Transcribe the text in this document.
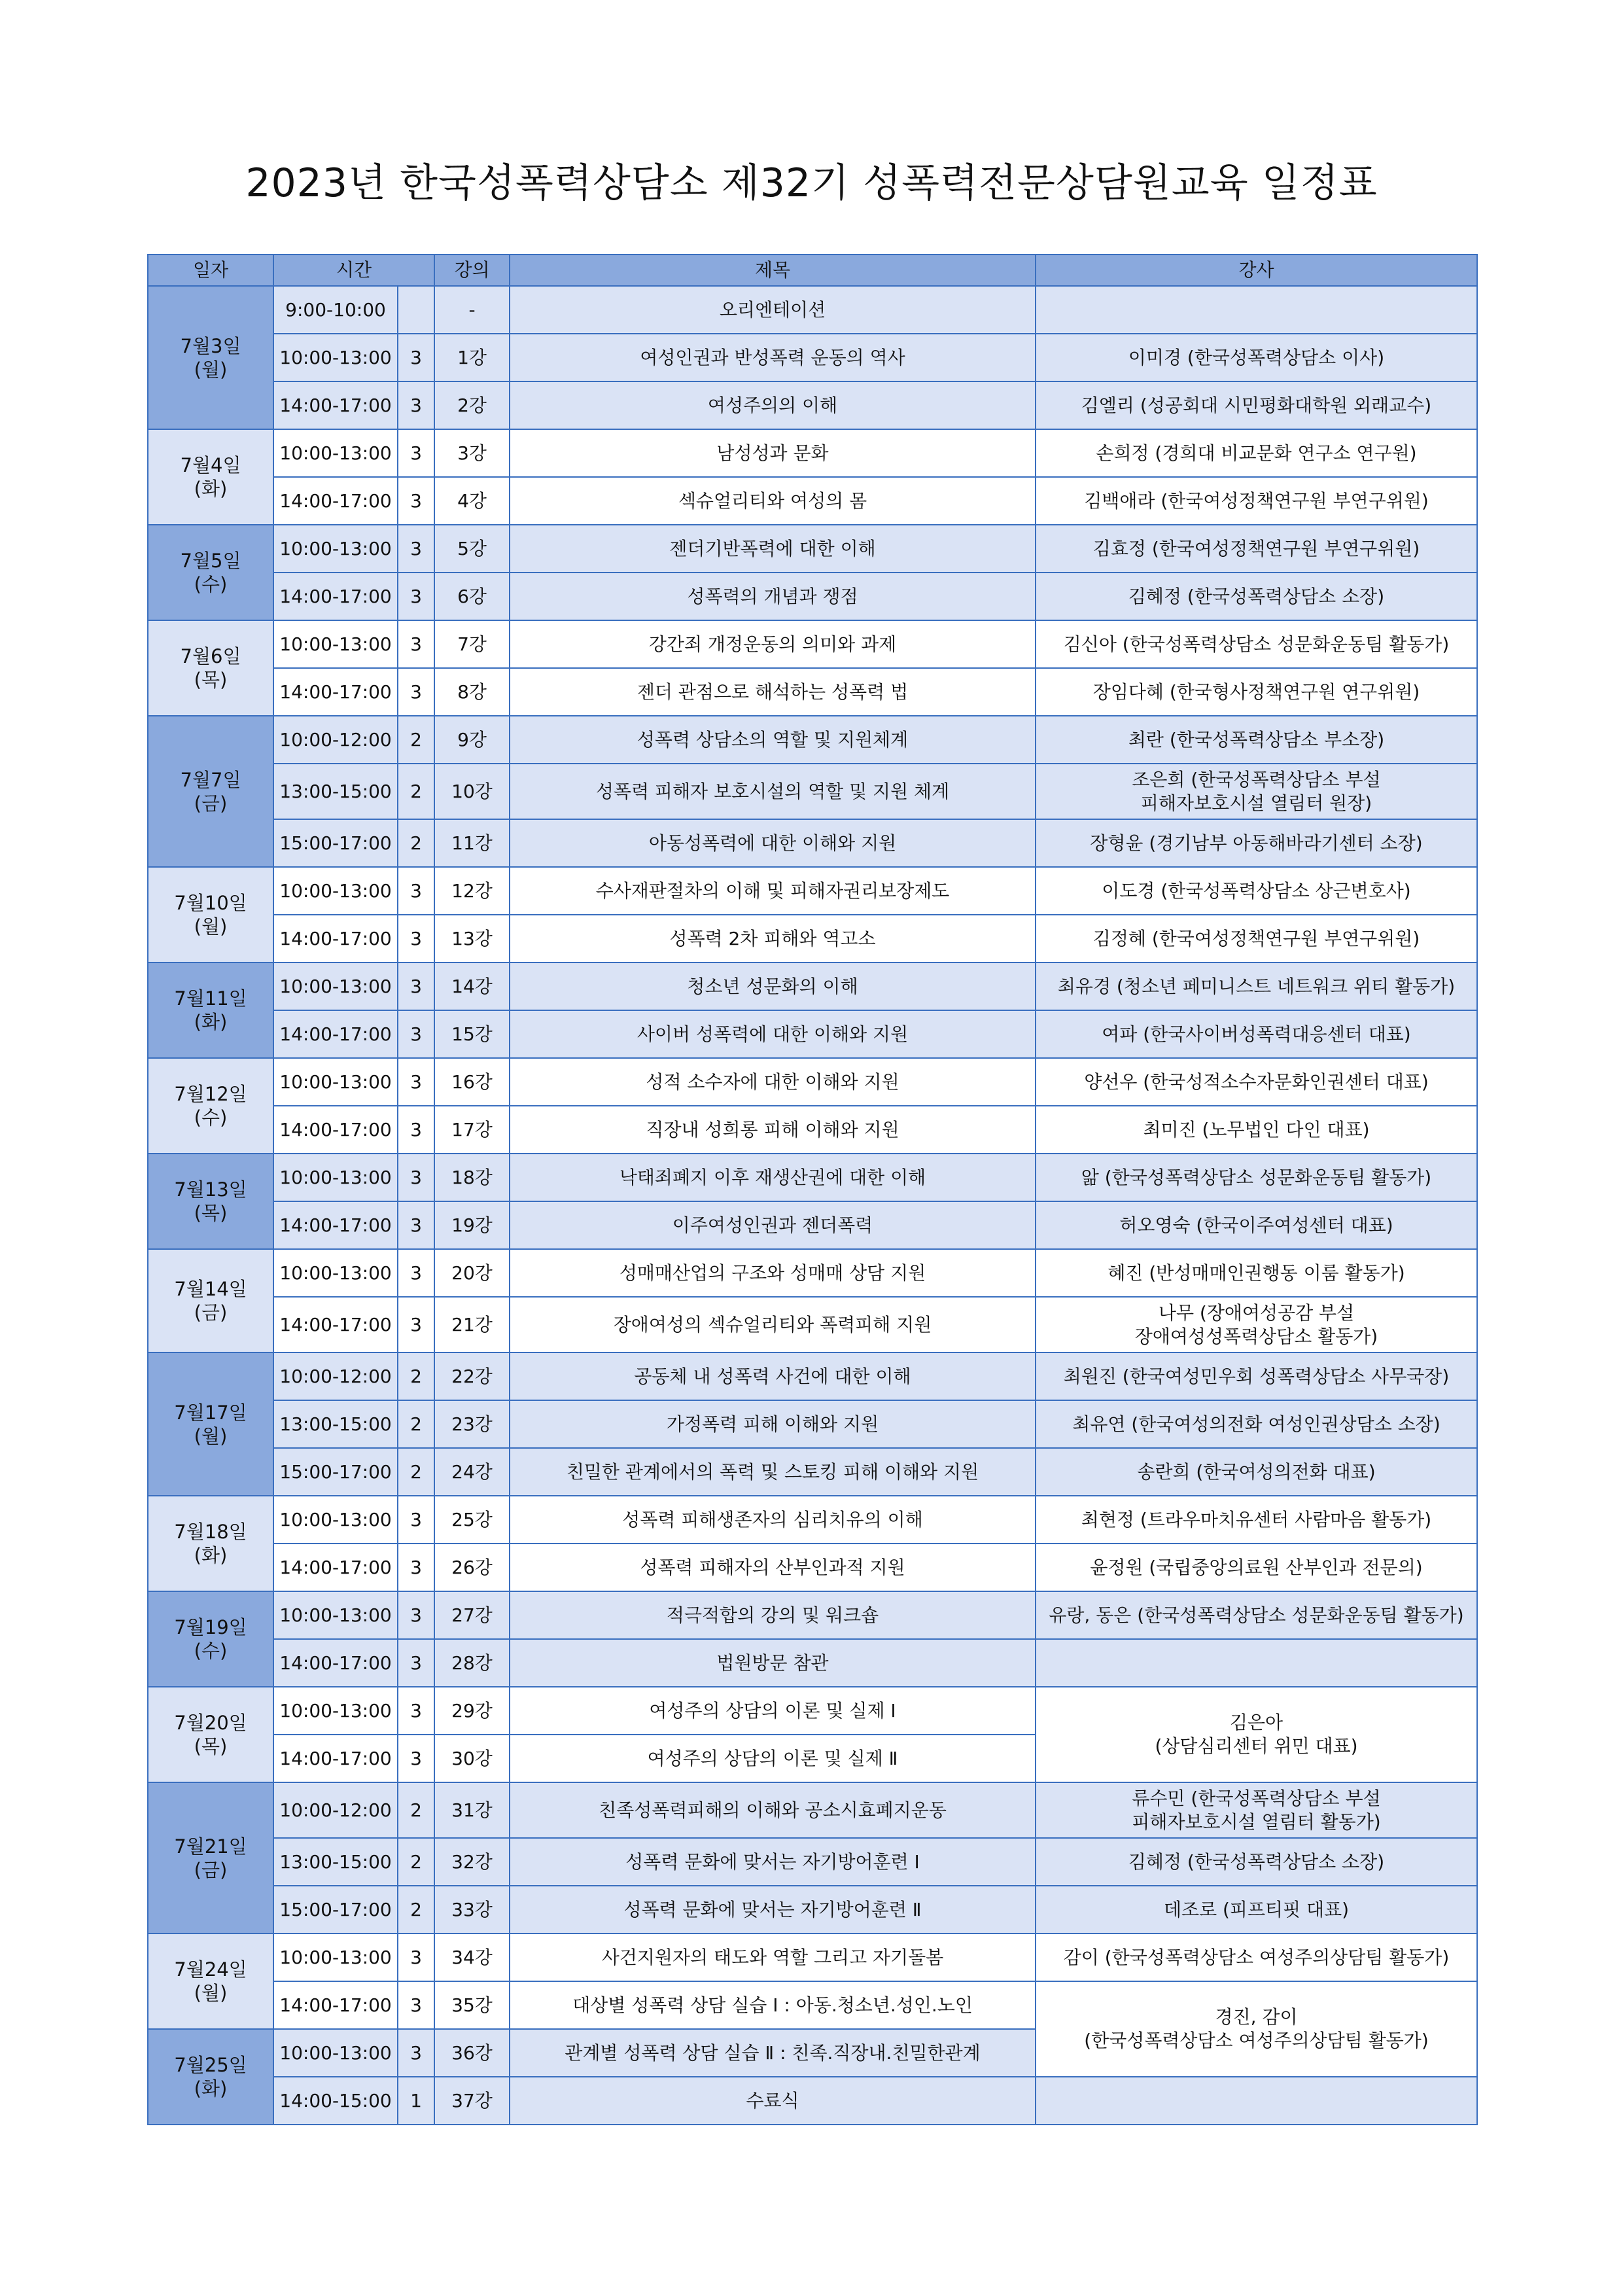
2023년 한국성폭력상담소 제32기 성폭력전문상담원교육 일정표
일자	시간		강의	제목	강사
7월3일
(월)	9:00-10:00		-	오리엔테이션	
	10:00-13:00	3	1강	여성인권과 반성폭력 운동의 역사	이미경 (한국성폭력상담소 이사)
	14:00-17:00	3	2강	여성주의의 이해	김엘리 (성공회대 시민평화대학원 외래교수)
7월4일
(화)	10:00-13:00	3	3강	남성성과 문화	손희정 (경희대 비교문화 연구소 연구원)
	14:00-17:00	3	4강	섹슈얼리티와 여성의 몸	김백애라 (한국여성정책연구원 부연구위원)
7월5일
(수)	10:00-13:00	3	5강	젠더기반폭력에 대한 이해	김효정 (한국여성정책연구원 부연구위원)
	14:00-17:00	3	6강	성폭력의 개념과 쟁점	김혜정 (한국성폭력상담소 소장)
7월6일
(목)	10:00-13:00	3	7강	강간죄 개정운동의 의미와 과제	김신아 (한국성폭력상담소 성문화운동팀 활동가)
	14:00-17:00	3	8강	젠더 관점으로 해석하는 성폭력 법	장임다혜 (한국형사정책연구원 연구위원)
7월7일
(금)	10:00-12:00	2	9강	성폭력 상담소의 역할 및 지원체계	최란 (한국성폭력상담소 부소장)
	13:00-15:00	2	10강	성폭력 피해자 보호시설의 역할 및 지원 체계	조은희 (한국성폭력상담소 부설
피해자보호시설 열림터 원장)
	15:00-17:00	2	11강	아동성폭력에 대한 이해와 지원	장형윤 (경기남부 아동해바라기센터 소장)
7월10일
(월)	10:00-13:00	3	12강	수사재판절차의 이해 및 피해자권리보장제도	이도경 (한국성폭력상담소 상근변호사)
	14:00-17:00	3	13강	성폭력 2차 피해와 역고소	김정혜 (한국여성정책연구원 부연구위원)
7월11일
(화)	10:00-13:00	3	14강	청소년 성문화의 이해	최유경 (청소년 페미니스트 네트워크 위티 활동가)
	14:00-17:00	3	15강	사이버 성폭력에 대한 이해와 지원	여파 (한국사이버성폭력대응센터 대표)
7월12일
(수)	10:00-13:00	3	16강	성적 소수자에 대한 이해와 지원	양선우 (한국성적소수자문화인권센터 대표)
	14:00-17:00	3	17강	직장내 성희롱 피해 이해와 지원	최미진 (노무법인 다인 대표)
7월13일
(목)	10:00-13:00	3	18강	낙태죄폐지 이후 재생산권에 대한 이해	앎 (한국성폭력상담소 성문화운동팀 활동가)
	14:00-17:00	3	19강	이주여성인권과 젠더폭력	허오영숙 (한국이주여성센터 대표)
7월14일
(금)	10:00-13:00	3	20강	성매매산업의 구조와 성매매 상담 지원	혜진 (반성매매인권행동 이룸 활동가)
	14:00-17:00	3	21강	장애여성의 섹슈얼리티와 폭력피해 지원	나무 (장애여성공감 부설
장애여성성폭력상담소 활동가)
7월17일
(월)	10:00-12:00	2	22강	공동체 내 성폭력 사건에 대한 이해	최원진 (한국여성민우회 성폭력상담소 사무국장)
	13:00-15:00	2	23강	가정폭력 피해 이해와 지원	최유연 (한국여성의전화 여성인권상담소 소장)
	15:00-17:00	2	24강	친밀한 관계에서의 폭력 및 스토킹 피해 이해와 지원	송란희 (한국여성의전화 대표)
7월18일
(화)	10:00-13:00	3	25강	성폭력 피해생존자의 심리치유의 이해	최현정 (트라우마치유센터 사람마음 활동가)
	14:00-17:00	3	26강	성폭력 피해자의 산부인과적 지원	윤정원 (국립중앙의료원 산부인과 전문의)
7월19일
(수)	10:00-13:00	3	27강	적극적합의 강의 및 워크숍	유랑, 동은 (한국성폭력상담소 성문화운동팀 활동가)
	14:00-17:00	3	28강	법원방문 참관	
7월20일
(목)	10:00-13:00	3	29강	여성주의 상담의 이론 및 실제 Ⅰ	김은아
(상담심리센터 위민 대표)
	14:00-17:00	3	30강	여성주의 상담의 이론 및 실제 Ⅱ	
7월21일
(금)	10:00-12:00	2	31강	친족성폭력피해의 이해와 공소시효폐지운동	류수민 (한국성폭력상담소 부설
피해자보호시설 열림터 활동가)
	13:00-15:00	2	32강	성폭력 문화에 맞서는 자기방어훈련 Ⅰ	김혜정 (한국성폭력상담소 소장)
	15:00-17:00	2	33강	성폭력 문화에 맞서는 자기방어훈련 Ⅱ	데조로 (피프티핏 대표)
7월24일
(월)	10:00-13:00	3	34강	사건지원자의 태도와 역할 그리고 자기돌봄	감이 (한국성폭력상담소 여성주의상담팀 활동가)
	14:00-17:00	3	35강	대상별 성폭력 상담 실습 Ⅰ : 아동.청소년.성인.노인	경진, 감이
(한국성폭력상담소 여성주의상담팀 활동가)
7월25일
(화)	10:00-13:00	3	36강	관계별 성폭력 상담 실습 Ⅱ : 친족.직장내.친밀한관계	
	14:00-15:00	1	37강	수료식	
